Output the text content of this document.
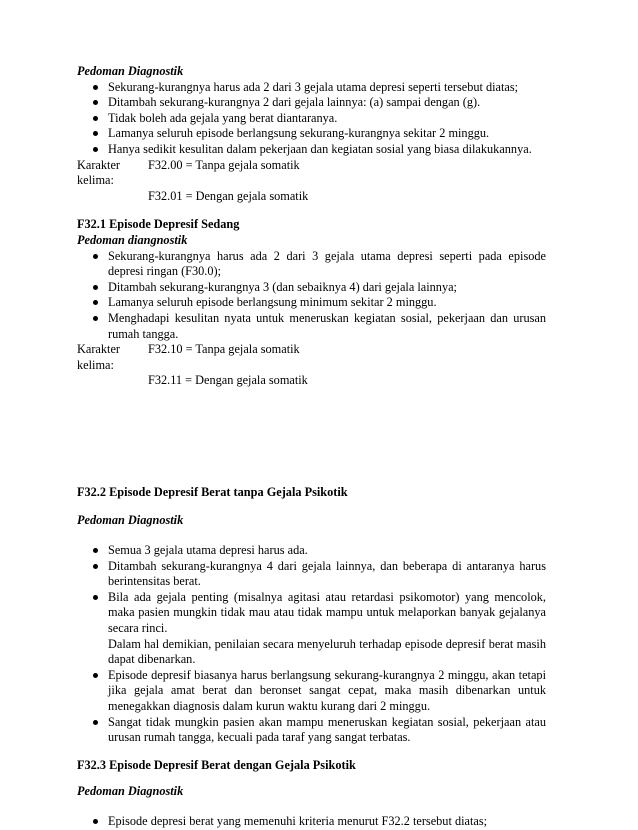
Pedoman Diagnostik
Sekurang-kurangnya harus ada 2 dari 3 gejala utama depresi seperti tersebut diatas;
Ditambah sekurang-kurangnya 2 dari gejala lainnya: (a) sampai dengan (g).
Tidak boleh ada gejala yang berat diantaranya.
Lamanya seluruh episode berlangsung sekurang-kurangnya sekitar 2 minggu.
Hanya sedikit kesulitan dalam pekerjaan dan kegiatan sosial yang biasa dilakukannya.
Karakter kelima:
F32.00 = Tanpa gejala somatik
F32.01 = Dengan gejala somatik
F32.1 Episode Depresif Sedang
Pedoman diangnostik
Sekurang-kurangnya harus ada 2 dari 3 gejala utama depresi seperti pada episode depresi ringan (F30.0);
Ditambah sekurang-kurangnya 3 (dan sebaiknya 4) dari gejala lainnya;
Lamanya seluruh episode berlangsung minimum sekitar 2 minggu.
Menghadapi kesulitan nyata untuk meneruskan kegiatan sosial, pekerjaan dan urusan rumah tangga.
Karakter kelima:
F32.10 = Tanpa gejala somatik
F32.11 = Dengan gejala somatik
F32.2 Episode Depresif Berat tanpa Gejala Psikotik
Pedoman Diagnostik
Semua 3 gejala utama depresi harus ada.
Ditambah sekurang-kurangnya 4 dari gejala lainnya, dan beberapa di antaranya harus berintensitas berat.
Bila ada gejala penting (misalnya agitasi atau retardasi psikomotor) yang mencolok, maka pasien mungkin tidak mau atau tidak mampu untuk melaporkan banyak gejalanya secara rinci.

Dalam hal demikian, penilaian secara menyeluruh terhadap episode depresif berat masih dapat dibenarkan.

Episode depresif biasanya harus berlangsung sekurang-kurangnya 2 minggu, akan tetapi jika gejala amat berat dan beronset sangat cepat, maka masih dibenarkan untuk menegakkan diagnosis dalam kurun waktu kurang dari 2 minggu.
Sangat tidak mungkin pasien akan mampu meneruskan kegiatan sosial, pekerjaan atau urusan rumah tangga, kecuali pada taraf yang sangat terbatas.
F32.3 Episode Depresif Berat dengan Gejala Psikotik
Pedoman Diagnostik
Episode depresi berat yang memenuhi kriteria menurut F32.2 tersebut diatas;
